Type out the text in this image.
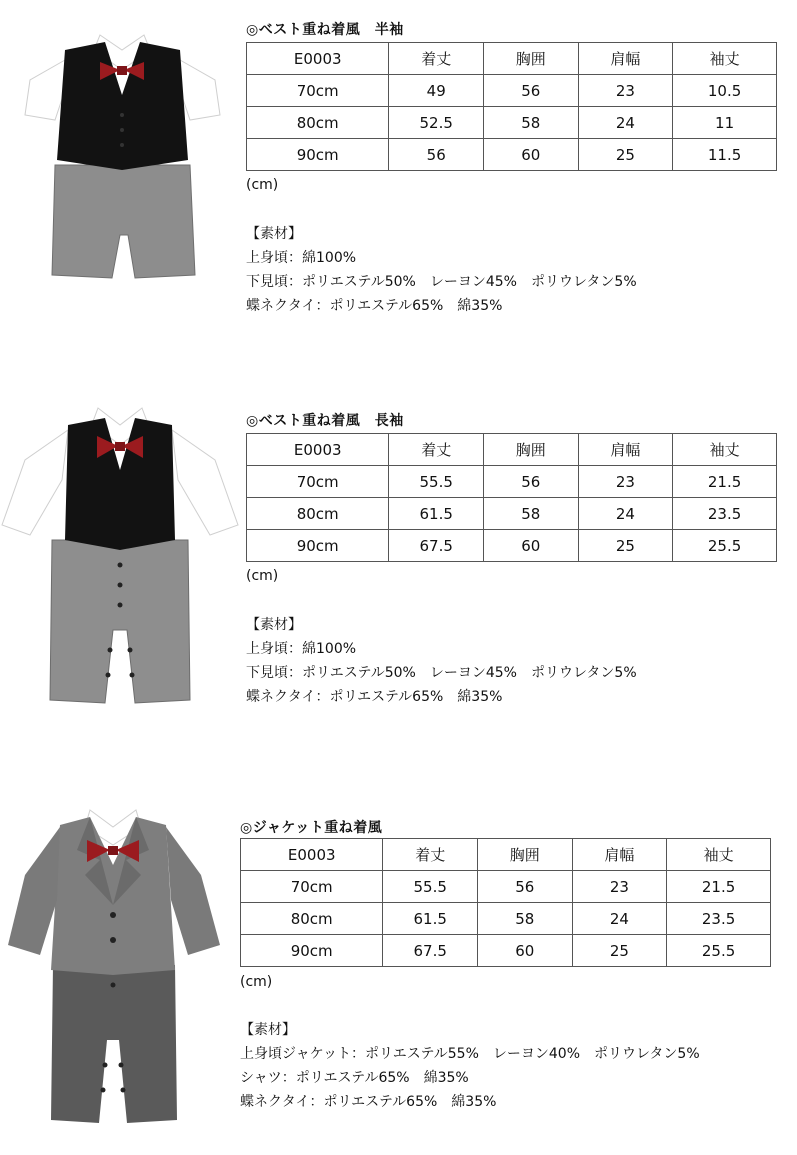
◎ベスト重ね着風　半袖
E0003	着丈	胸囲	肩幅	袖丈
70cm	49	56	23	10.5
80cm	52.5	58	24	11
90cm	56	60	25	11.5
(cm)
【素材】
上身頃：綿100%
下見頃：ポリエステル50%　レーヨン45%　ポリウレタン5%
蝶ネクタイ：ポリエステル65%　綿35%
◎ベスト重ね着風　長袖
E0003	着丈	胸囲	肩幅	袖丈
70cm	55.5	56	23	21.5
80cm	61.5	58	24	23.5
90cm	67.5	60	25	25.5
(cm)
【素材】
上身頃：綿100%
下見頃：ポリエステル50%　レーヨン45%　ポリウレタン5%
蝶ネクタイ：ポリエステル65%　綿35%
◎ジャケット重ね着風
E0003	着丈	胸囲	肩幅	袖丈
70cm	55.5	56	23	21.5
80cm	61.5	58	24	23.5
90cm	67.5	60	25	25.5
(cm)
【素材】
上身頃ジャケット：ポリエステル55%　レーヨン40%　ポリウレタン5%
シャツ：ポリエステル65%　綿35%
蝶ネクタイ：ポリエステル65%　綿35%
